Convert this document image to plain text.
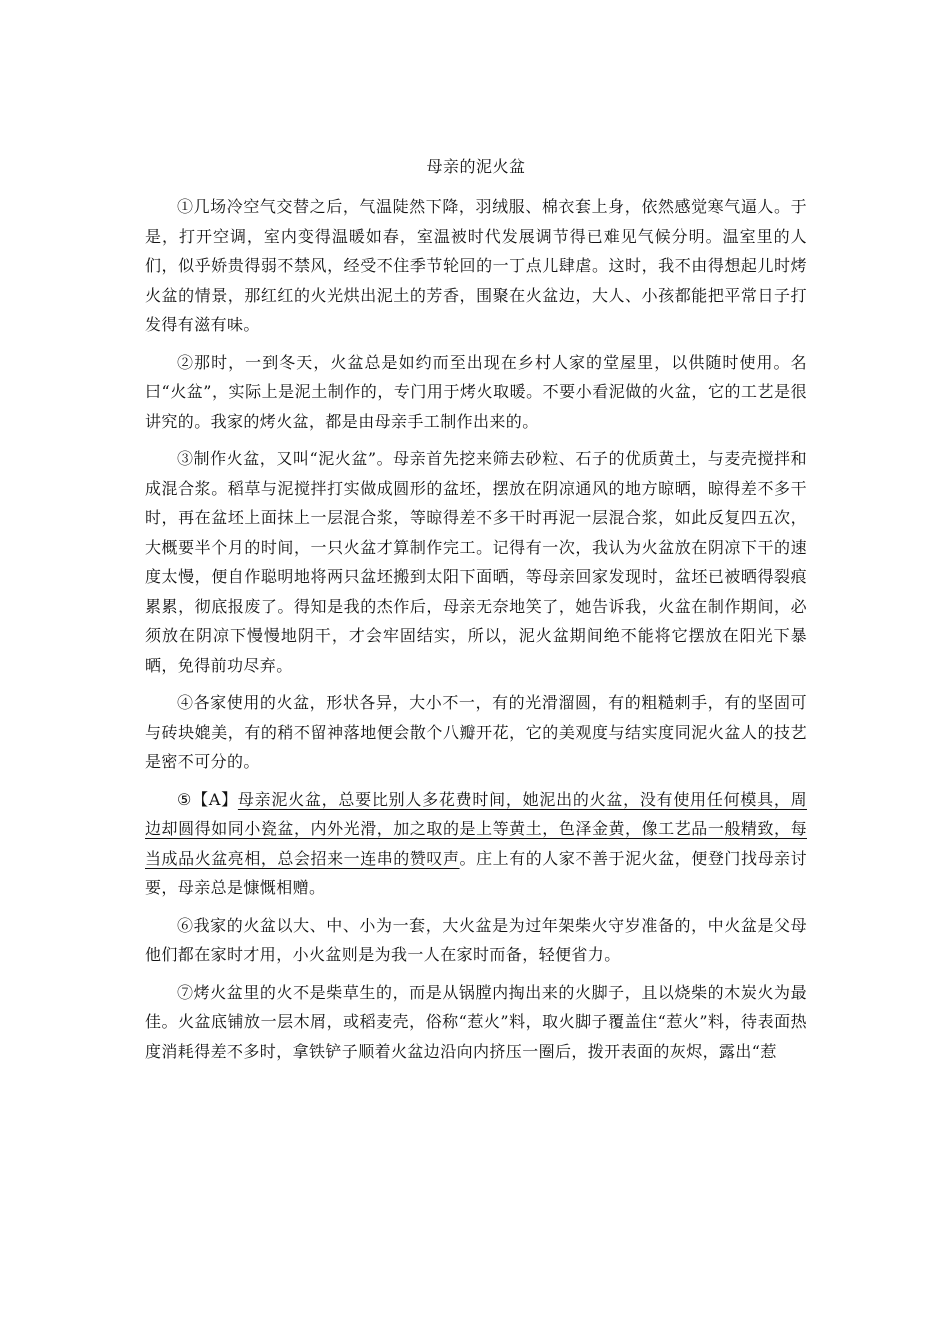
母亲的泥火盆

①几场冷空气交替之后，气温陡然下降，羽绒服、棉衣套上身，依然感觉寒气逼人。于是，打开空调，室内变得温暖如春，室温被时代发展调节得已难见气候分明。温室里的人们，似乎娇贵得弱不禁风，经受不住季节轮回的一丁点儿肆虐。这时，我不由得想起儿时烤火盆的情景，那红红的火光烘出泥土的芳香，围聚在火盆边，大人、小孩都能把平常日子打发得有滋有味。

②那时，一到冬天，火盆总是如约而至出现在乡村人家的堂屋里，以供随时使用。名曰“火盆”，实际上是泥土制作的，专门用于烤火取暖。不要小看泥做的火盆，它的工艺是很讲究的。我家的烤火盆，都是由母亲手工制作出来的。

③制作火盆，又叫“泥火盆”。母亲首先挖来筛去砂粒、石子的优质黄土，与麦壳搅拌和成混合浆。稻草与泥搅拌打实做成圆形的盆坯，摆放在阴凉通风的地方晾晒，晾得差不多干时，再在盆坯上面抹上一层混合浆，等晾得差不多干时再泥一层混合浆，如此反复四五次，大概要半个月的时间，一只火盆才算制作完工。记得有一次，我认为火盆放在阴凉下干的速度太慢，便自作聪明地将两只盆坯搬到太阳下面晒，等母亲回家发现时，盆坯已被晒得裂痕累累，彻底报废了。得知是我的杰作后，母亲无奈地笑了，她告诉我，火盆在制作期间，必须放在阴凉下慢慢地阴干，才会牢固结实，所以，泥火盆期间绝不能将它摆放在阳光下暴晒，免得前功尽弃。

④各家使用的火盆，形状各异，大小不一，有的光滑溜圆，有的粗糙刺手，有的坚固可与砖块媲美，有的稍不留神落地便会散个八瓣开花，它的美观度与结实度同泥火盆人的技艺是密不可分的。

⑤【A】母亲泥火盆，总要比别人多花费时间，她泥出的火盆，没有使用任何模具，周边却圆得如同小瓷盆，内外光滑，加之取的是上等黄土，色泽金黄，像工艺品一般精致，每当成品火盆亮相，总会招来一连串的赞叹声。庄上有的人家不善于泥火盆，便登门找母亲讨要，母亲总是慷慨相赠。

⑥我家的火盆以大、中、小为一套，大火盆是为过年架柴火守岁准备的，中火盆是父母他们都在家时才用，小火盆则是为我一人在家时而备，轻便省力。

⑦烤火盆里的火不是柴草生的，而是从锅膛内掏出来的火脚子，且以烧柴的木炭火为最佳。火盆底铺放一层木屑，或稻麦壳，俗称“惹火”料，取火脚子覆盖住“惹火”料，待表面热度消耗得差不多时，拿铁铲子顺着火盆边沿向内挤压一圈后，拨开表面的灰烬，露出“惹
